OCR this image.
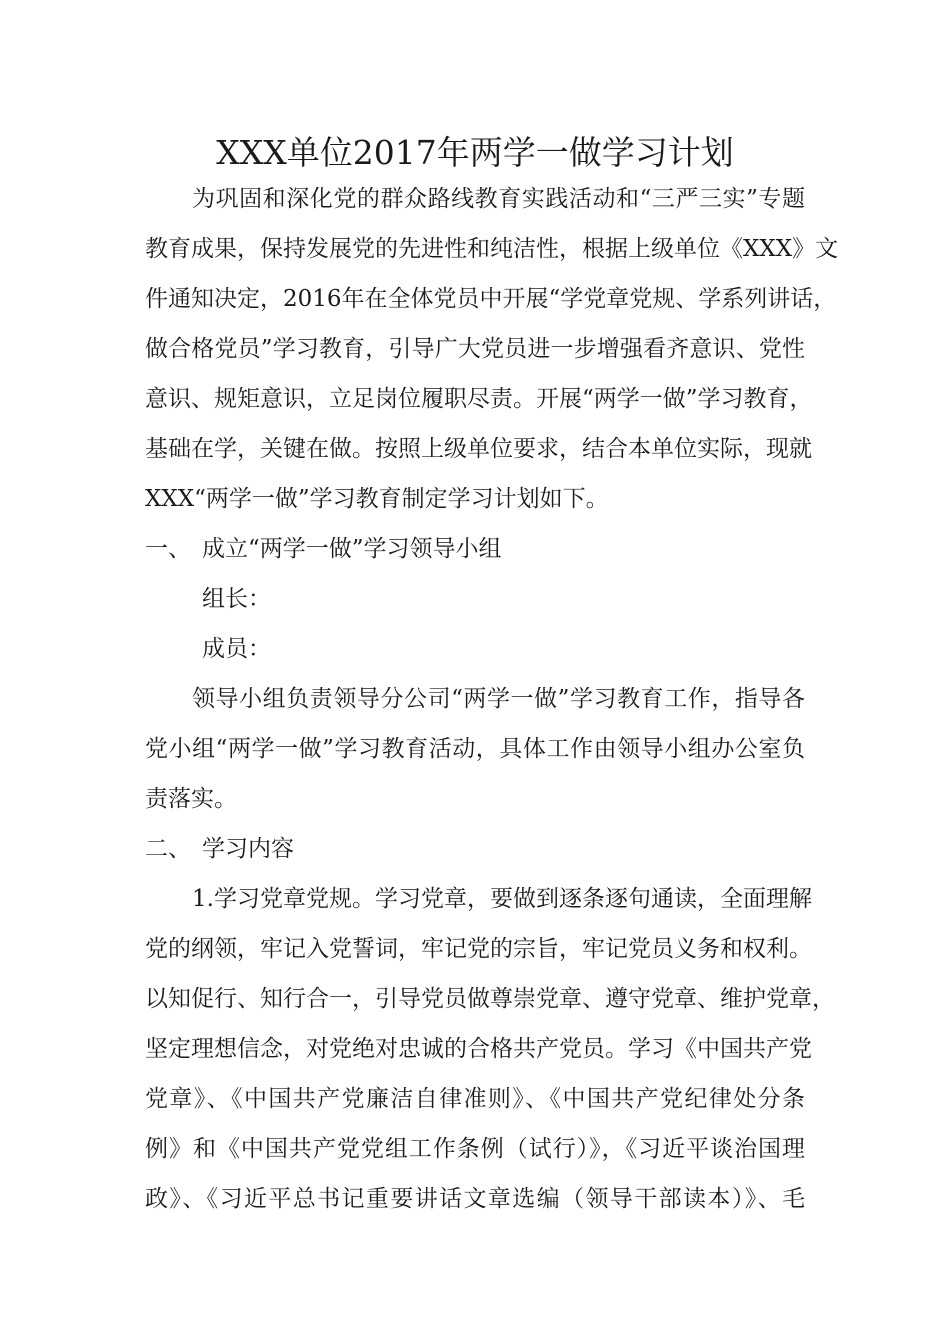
XXX单位2017年两学一做学习计划
为巩固和深化党的群众路线教育实践活动和“三严三实”专题
教育成果，保持发展党的先进性和纯洁性，根据上级单位《XXX》文
件通知决定，2016年在全体党员中开展“学党章党规、学系列讲话，
做合格党员”学习教育，引导广大党员进一步增强看齐意识、党性
意识、规矩意识，立足岗位履职尽责。开展“两学一做”学习教育，
基础在学，关键在做。按照上级单位要求，结合本单位实际，现就
XXX“两学一做”学习教育制定学习计划如下。
一、 成立“两学一做”学习领导小组
组长：
成员：
领导小组负责领导分公司“两学一做”学习教育工作，指导各
党小组“两学一做”学习教育活动，具体工作由领导小组办公室负
责落实。
二、 学习内容
1.学习党章党规。学习党章，要做到逐条逐句通读，全面理解
党的纲领，牢记入党誓词，牢记党的宗旨，牢记党员义务和权利。
以知促行、知行合一，引导党员做尊崇党章、遵守党章、维护党章，
坚定理想信念，对党绝对忠诚的合格共产党员。学习《中国共产党
党章》、《中国共产党廉洁自律准则》、《中国共产党纪律处分条
例》和《中国共产党党组工作条例（试行）》，《习近平谈治国理
政》、《习近平总书记重要讲话文章选编（领导干部读本）》、毛
